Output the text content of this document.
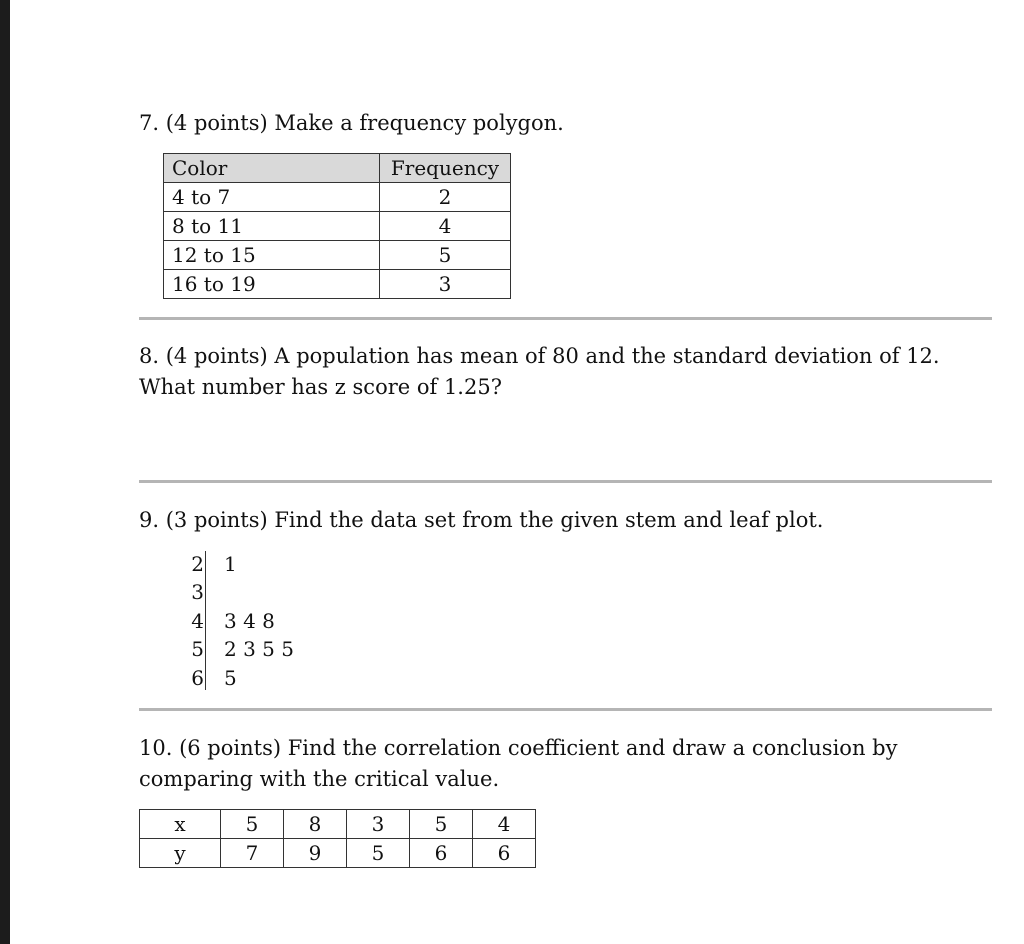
7. (4 points) Make a frequency polygon.

Color	Frequency
4 to 7	2
8 to 11	4
12 to 15	5
16 to 19	3

8. (4 points) A population has mean of 80 and the standard deviation of 12. What number has z score of 1.25?

9. (3 points) Find the data set from the given stem and leaf plot.

2	1
3
4	3 4 8
5	2 3 5 5
6	5

10. (6 points) Find the correlation coefficient and draw a conclusion by comparing with the critical value.

x	5	8	3	5	4
y	7	9	5	6	6
